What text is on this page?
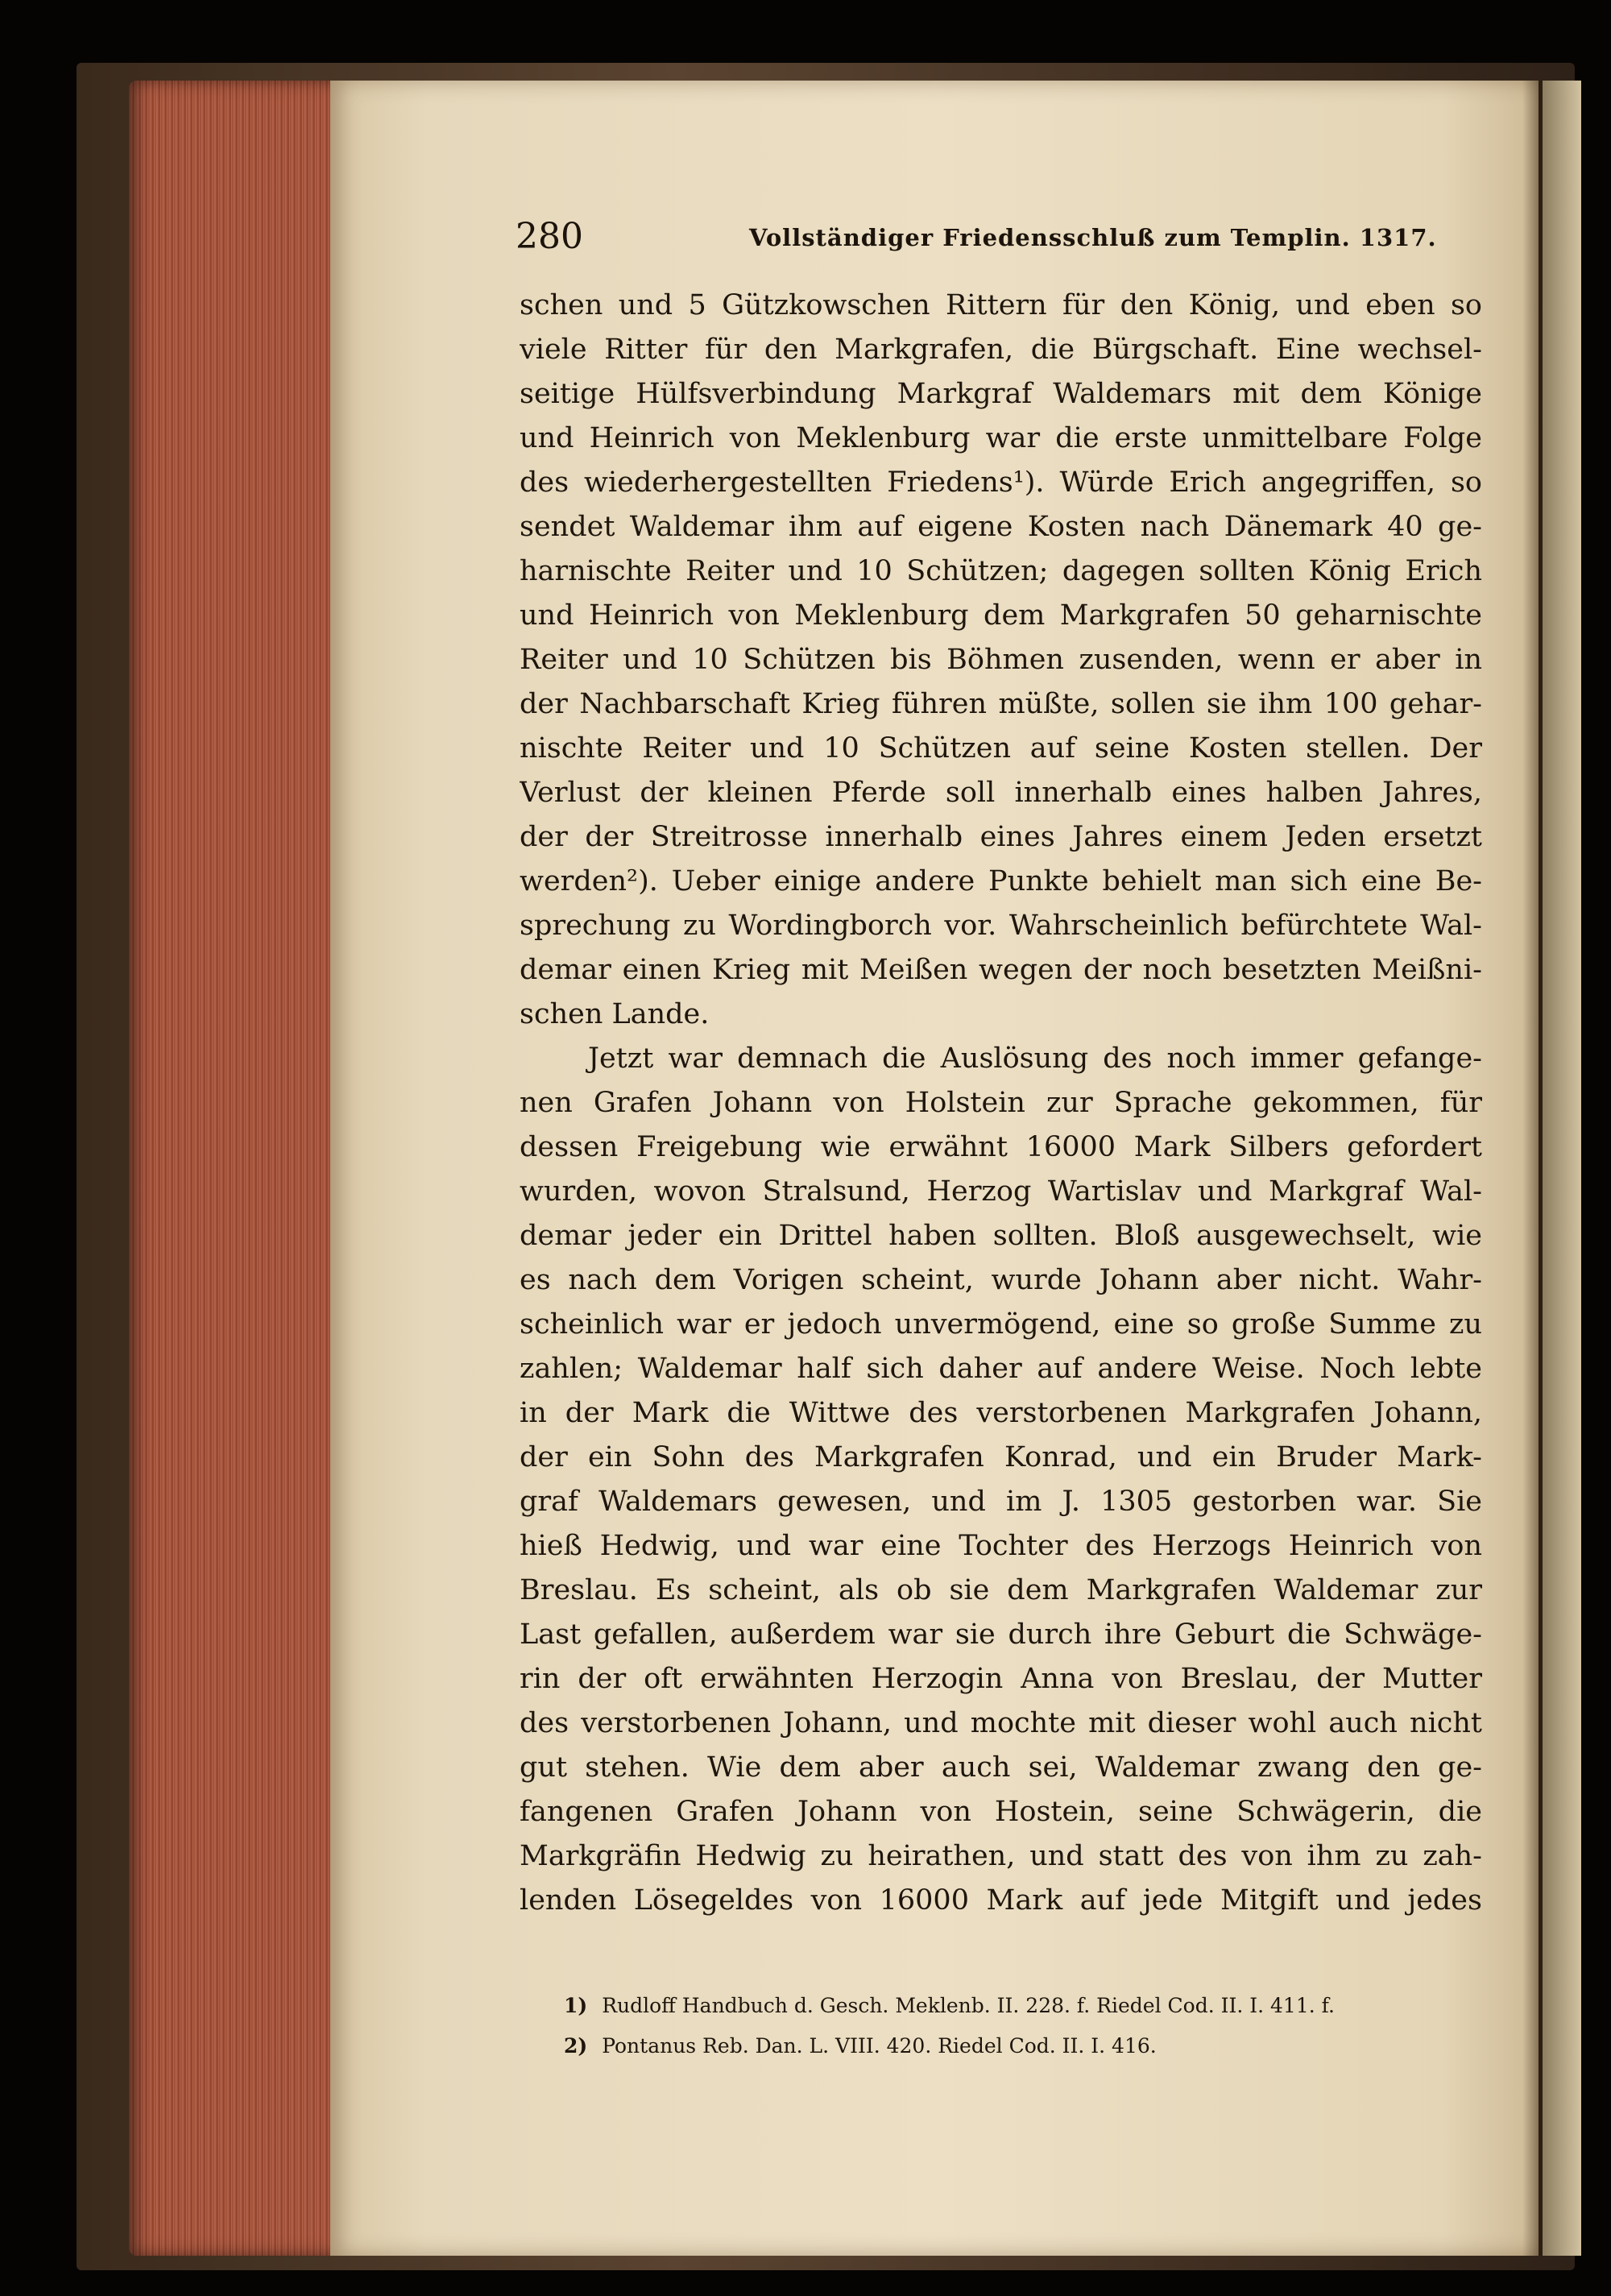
280	Vollständiger Friedensschluß zum Templin. 1317.
schen und 5 Gützkowschen Rittern für den König, und eben so
viele Ritter für den Markgrafen, die Bürgschaft. Eine wechsel-
seitige Hülfsverbindung Markgraf Waldemars mit dem Könige
und Heinrich von Meklenburg war die erste unmittelbare Folge
des wiederhergestellten Friedens¹). Würde Erich angegriffen, so
sendet Waldemar ihm auf eigene Kosten nach Dänemark 40 ge-
harnischte Reiter und 10 Schützen; dagegen sollten König Erich
und Heinrich von Meklenburg dem Markgrafen 50 geharnischte
Reiter und 10 Schützen bis Böhmen zusenden, wenn er aber in
der Nachbarschaft Krieg führen müßte, sollen sie ihm 100 gehar-
nischte Reiter und 10 Schützen auf seine Kosten stellen. Der
Verlust der kleinen Pferde soll innerhalb eines halben Jahres,
der der Streitrosse innerhalb eines Jahres einem Jeden ersetzt
werden²). Ueber einige andere Punkte behielt man sich eine Be-
sprechung zu Wordingborch vor. Wahrscheinlich befürchtete Wal-
demar einen Krieg mit Meißen wegen der noch besetzten Meißni-
schen Lande.
Jetzt war demnach die Auslösung des noch immer gefange-
nen Grafen Johann von Holstein zur Sprache gekommen, für
dessen Freigebung wie erwähnt 16000 Mark Silbers gefordert
wurden, wovon Stralsund, Herzog Wartislav und Markgraf Wal-
demar jeder ein Drittel haben sollten. Bloß ausgewechselt, wie
es nach dem Vorigen scheint, wurde Johann aber nicht. Wahr-
scheinlich war er jedoch unvermögend, eine so große Summe zu
zahlen; Waldemar half sich daher auf andere Weise. Noch lebte
in der Mark die Wittwe des verstorbenen Markgrafen Johann,
der ein Sohn des Markgrafen Konrad, und ein Bruder Mark-
graf Waldemars gewesen, und im J. 1305 gestorben war. Sie
hieß Hedwig, und war eine Tochter des Herzogs Heinrich von
Breslau. Es scheint, als ob sie dem Markgrafen Waldemar zur
Last gefallen, außerdem war sie durch ihre Geburt die Schwäge-
rin der oft erwähnten Herzogin Anna von Breslau, der Mutter
des verstorbenen Johann, und mochte mit dieser wohl auch nicht
gut stehen. Wie dem aber auch sei, Waldemar zwang den ge-
fangenen Grafen Johann von Hostein, seine Schwägerin, die
Markgräfin Hedwig zu heirathen, und statt des von ihm zu zah-
lenden Lösegeldes von 16000 Mark auf jede Mitgift und jedes
1) Rudloff Handbuch d. Gesch. Meklenb. II. 228. f. Riedel Cod. II. I. 411. f.
2) Pontanus Reb. Dan. L. VIII. 420. Riedel Cod. II. I. 416.
